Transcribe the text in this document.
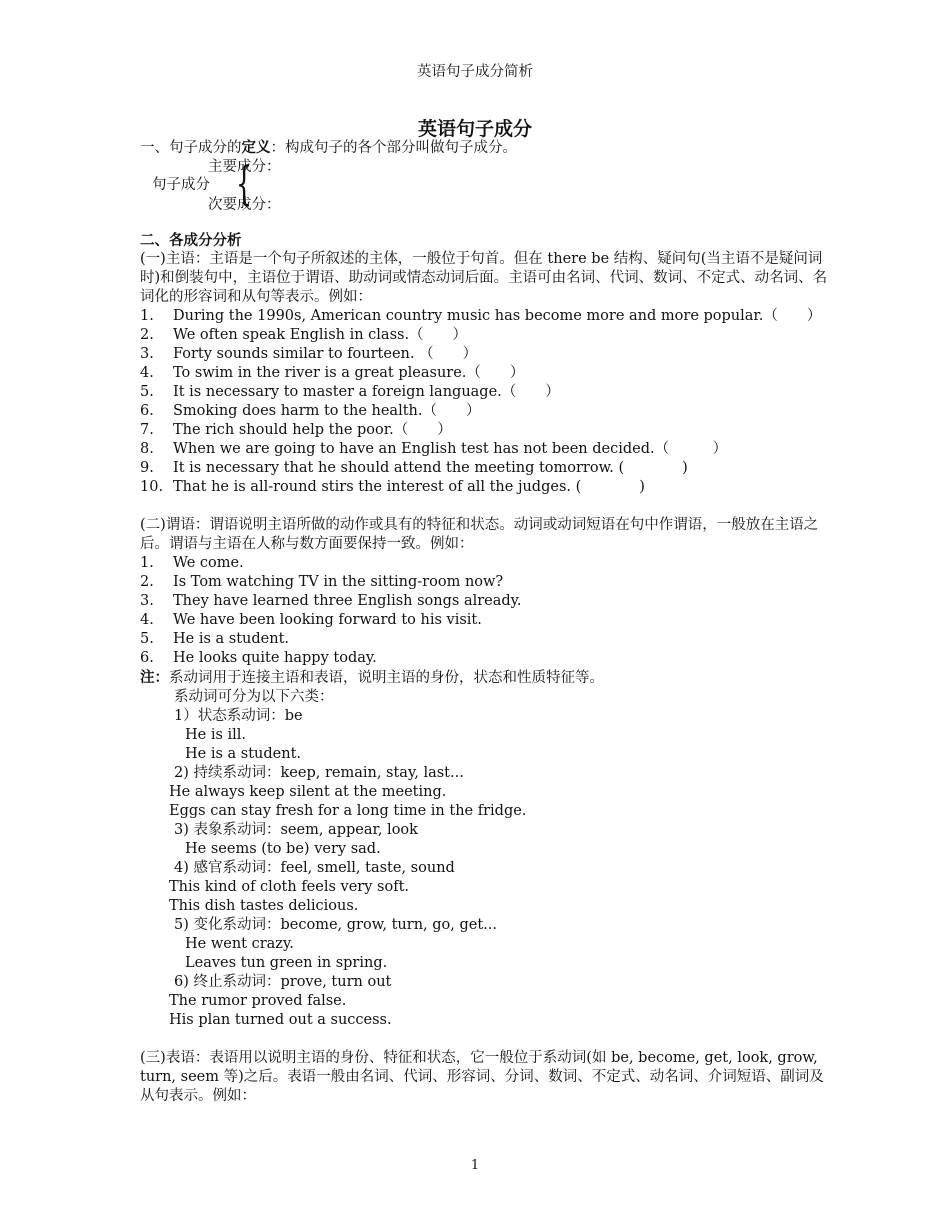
英语句子成分简析
英语句子成分

一、句子成分的定义：构成句子的各个部分叫做句子成分。

主要成分：
句子成分 {
次要成分：

二、各成分分析

(一)主语：主语是一个句子所叙述的主体，一般位于句首。但在 there be 结构、疑问句(当主语不是疑问词时)和倒装句中，主语位于谓语、助动词或情态动词后面。主语可由名词、代词、数词、不定式、动名词、名词化的形容词和从句等表示。例如：

1. During the 1990s, American country music has become more and more popular.（　　）
2. We often speak English in class.（　　）
3. Forty sounds similar to fourteen. （　　）
4. To swim in the river is a great pleasure.（　　）
5. It is necessary to master a foreign language.（　　）
6. Smoking does harm to the health.（　　）
7. The rich should help the poor.（　　）
8. When we are going to have an English test has not been decided.（　　　）
9. It is necessary that he should attend the meeting tomorrow. (　　　　)
10. That he is all-round stirs the interest of all the judges. (　　　　)

(二)谓语：谓语说明主语所做的动作或具有的特征和状态。动词或动词短语在句中作谓语，一般放在主语之后。谓语与主语在人称与数方面要保持一致。例如：

1. We come.
2. Is Tom watching TV in the sitting-room now?
3. They have learned three English songs already.
4. We have been looking forward to his visit.
5. He is a student.
6. He looks quite happy today.

注：系动词用于连接主语和表语，说明主语的身份，状态和性质特征等。

系动词可分为以下六类：

1）状态系动词：be

He is ill.

He is a student.

2) 持续系动词：keep, remain, stay, last...

He always keep silent at the meeting.

Eggs can stay fresh for a long time in the fridge.

3) 表象系动词：seem, appear, look

He seems (to be) very sad.

4) 感官系动词：feel, smell, taste, sound

This kind of cloth feels very soft.

This dish tastes delicious.

5) 变化系动词：become, grow, turn, go, get...

He went crazy.

Leaves tun green in spring.

6) 终止系动词：prove, turn out

The rumor proved false.

His plan turned out a success.

(三)表语：表语用以说明主语的身份、特征和状态，它一般位于系动词(如 be, become, get, look, grow, turn, seem 等)之后。表语一般由名词、代词、形容词、分词、数词、不定式、动名词、介词短语、副词及从句表示。例如：

1
